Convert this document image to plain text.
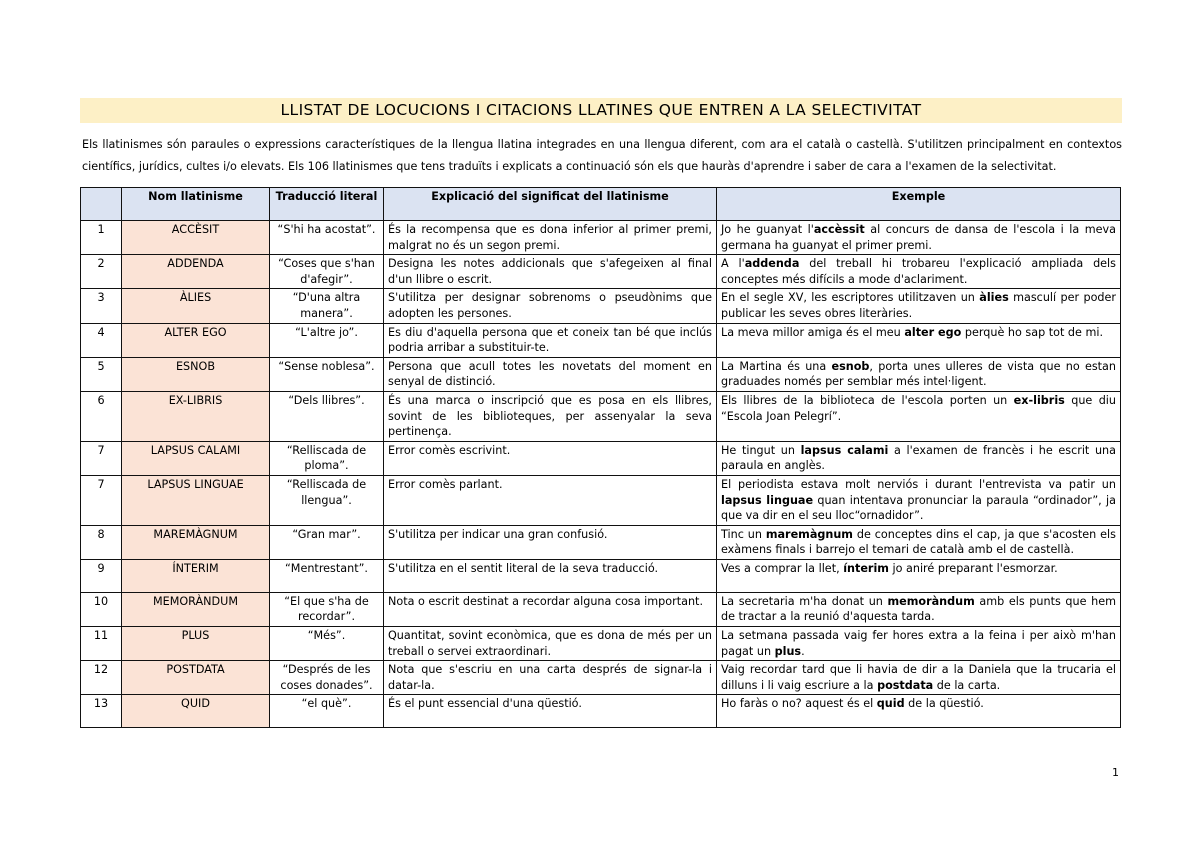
LLISTAT DE LOCUCIONS I CITACIONS LLATINES QUE ENTREN A LA SELECTIVITAT
Els llatinismes són paraules o expressions característiques de la llengua llatina integrades en una llengua diferent, com ara el català o castellà. S'utilitzen principalment en contextos científics, jurídics, cultes i/o elevats. Els 106 llatinismes que tens traduïts i explicats a continuació són els que hauràs d'aprendre i saber de cara a l'examen de la selectivitat.
	Nom llatinisme	Traducció literal	Explicació del significat del llatinisme	Exemple
1	ACCÈSIT	“S'hi ha acostat”.	És la recompensa que es dona inferior al primer premi, malgrat no és un segon premi.	Jo he guanyat l'accèssit al concurs de dansa de l'escola i la meva germana ha guanyat el primer premi.
2	ADDENDA	“Coses que s'han d'afegir”.	Designa les notes addicionals que s'afegeixen al final d'un llibre o escrit.	A l'addenda del treball hi trobareu l'explicació ampliada dels conceptes més difícils a mode d'aclariment.
3	ÀLIES	“D'una altra manera”.	S'utilitza per designar sobrenoms o pseudònims que adopten les persones.	En el segle XV, les escriptores utilitzaven un àlies masculí per poder publicar les seves obres literàries.
4	ALTER EGO	“L'altre jo”.	Es diu d'aquella persona que et coneix tan bé que inclús podria arribar a substituir-te.	La meva millor amiga és el meu alter ego perquè ho sap tot de mi.
5	ESNOB	“Sense noblesa”.	Persona que acull totes les novetats del moment en senyal de distinció.	La Martina és una esnob, porta unes ulleres de vista que no estan graduades només per semblar més intel·ligent.
6	EX-LIBRIS	“Dels llibres”.	És una marca o inscripció que es posa en els llibres, sovint de les biblioteques, per assenyalar la seva pertinença.	Els llibres de la biblioteca de l'escola porten un ex-libris que diu “Escola Joan Pelegrí”.
7	LAPSUS CALAMI	“Relliscada de ploma”.	Error comès escrivint.	He tingut un lapsus calami a l'examen de francès i he escrit una paraula en anglès.
7	LAPSUS LINGUAE	“Relliscada de llengua”.	Error comès parlant.	El periodista estava molt nerviós i durant l'entrevista va patir un lapsus linguae quan intentava pronunciar la paraula “ordinador”, ja que va dir en el seu lloc“ornadidor”.
8	MAREMÀGNUM	“Gran mar”.	S'utilitza per indicar una gran confusió.	Tinc un maremàgnum de conceptes dins el cap, ja que s'acosten els exàmens finals i barrejo el temari de català amb el de castellà.
9	ÍNTERIM	“Mentrestant”.	S'utilitza en el sentit literal de la seva traducció.	Ves a comprar la llet, ínterim jo aniré preparant l'esmorzar.
10	MEMORÀNDUM	“El que s'ha de recordar”.	Nota o escrit destinat a recordar alguna cosa important.	La secretaria m'ha donat un memoràndum amb els punts que hem de tractar a la reunió d'aquesta tarda.
11	PLUS	“Més”.	Quantitat, sovint econòmica, que es dona de més per un treball o servei extraordinari.	La setmana passada vaig fer hores extra a la feina i per això m'han pagat un plus.
12	POSTDATA	“Després de les coses donades”.	Nota que s'escriu en una carta després de signar-la i datar-la.	Vaig recordar tard que li havia de dir a la Daniela que la trucaria el dilluns i li vaig escriure a la postdata de la carta.
13	QUID	“el què”.	És el punt essencial d'una qüestió.	Ho faràs o no? aquest és el quid de la qüestió.
1
